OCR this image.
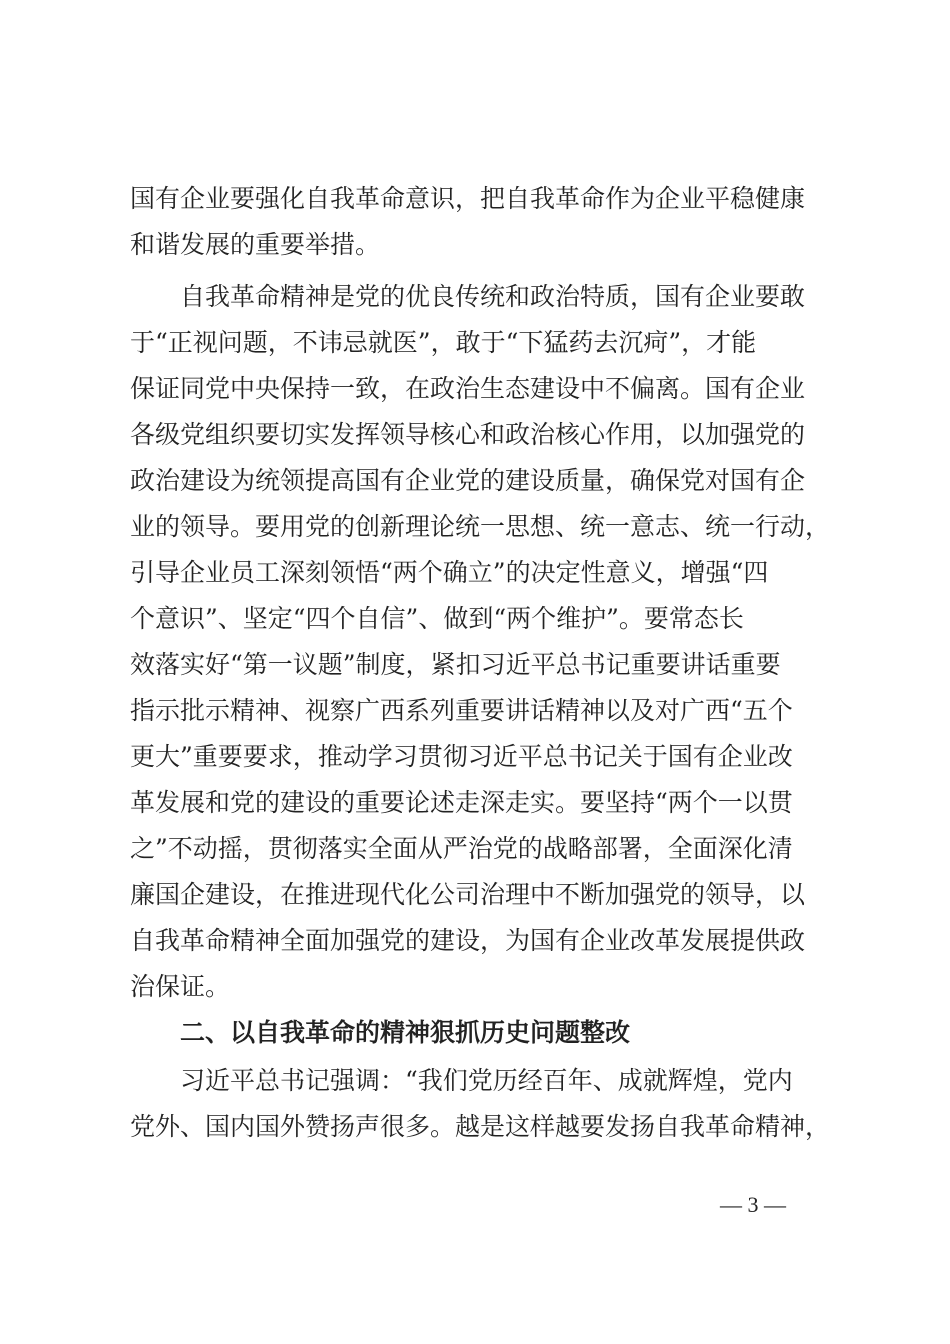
国有企业要强化自我革命意识，把自我革命作为企业平稳健康
和谐发展的重要举措。
自我革命精神是党的优良传统和政治特质，国有企业要敢
于“正视问题，不讳忌就医”，敢于“下猛药去沉疴”，才能
保证同党中央保持一致，在政治生态建设中不偏离。国有企业
各级党组织要切实发挥领导核心和政治核心作用，以加强党的
政治建设为统领提高国有企业党的建设质量，确保党对国有企
业的领导。要用党的创新理论统一思想、统一意志、统一行动，
引导企业员工深刻领悟“两个确立”的决定性意义，增强“四
个意识”、坚定“四个自信”、做到“两个维护”。要常态长
效落实好“第一议题”制度，紧扣习近平总书记重要讲话重要
指示批示精神、视察广西系列重要讲话精神以及对广西“五个
更大”重要要求，推动学习贯彻习近平总书记关于国有企业改
革发展和党的建设的重要论述走深走实。要坚持“两个一以贯
之”不动摇，贯彻落实全面从严治党的战略部署，全面深化清
廉国企建设，在推进现代化公司治理中不断加强党的领导，以
自我革命精神全面加强党的建设，为国有企业改革发展提供政
治保证。
二、以自我革命的精神狠抓历史问题整改
习近平总书记强调：“我们党历经百年、成就辉煌，党内
党外、国内国外赞扬声很多。越是这样越要发扬自我革命精神，
— 3 —
